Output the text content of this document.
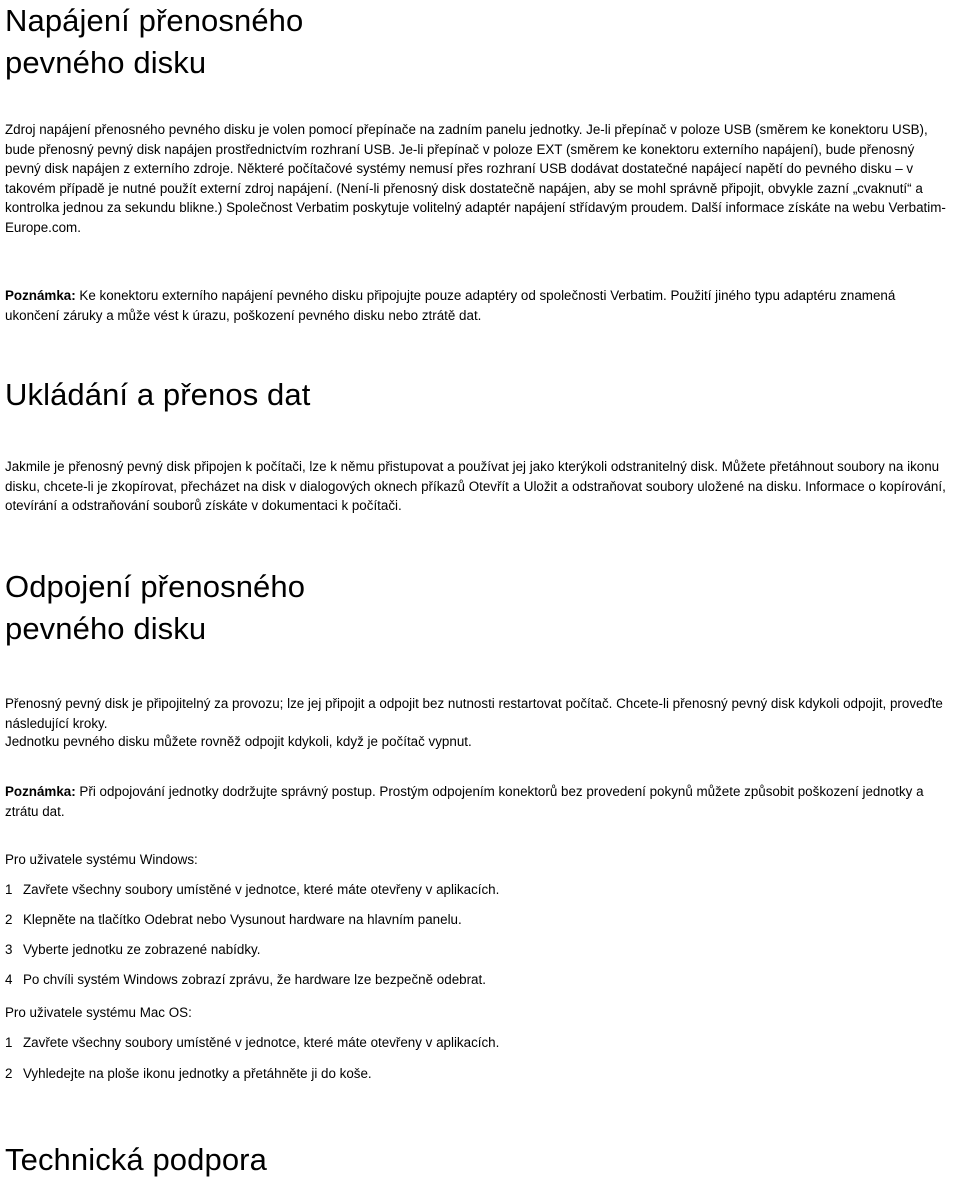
Napájení přenosného
pevného disku

Zdroj napájení přenosného pevného disku je volen pomocí přepínače na zadním panelu jednotky. Je-li přepínač v poloze USB (směrem ke konektoru USB), bude přenosný pevný disk napájen prostřednictvím rozhraní USB. Je-li přepínač v poloze EXT (směrem ke konektoru externího napájení), bude přenosný pevný disk napájen z externího zdroje. Některé počítačové systémy nemusí přes rozhraní USB dodávat dostatečné napájecí napětí do pevného disku – v takovém případě je nutné použít externí zdroj napájení. (Není-li přenosný disk dostatečně napájen, aby se mohl správně připojit, obvykle zazní „cvaknutí“ a kontrolka jednou za sekundu blikne.) Společnost Verbatim poskytuje volitelný adaptér napájení střídavým proudem. Další informace získáte na webu Verbatim-Europe.com.

Poznámka: Ke konektoru externího napájení pevného disku připojujte pouze adaptéry od společnosti Verbatim. Použití jiného typu adaptéru znamená ukončení záruky a může vést k úrazu, poškození pevného disku nebo ztrátě dat.

Ukládání a přenos dat

Jakmile je přenosný pevný disk připojen k počítači, lze k němu přistupovat a používat jej jako kterýkoli odstranitelný disk. Můžete přetáhnout soubory na ikonu disku, chcete-li je zkopírovat, přecházet na disk v dialogových oknech příkazů Otevřít a Uložit a odstraňovat soubory uložené na disku. Informace o kopírování, otevírání a odstraňování souborů získáte v dokumentaci k počítači.

Odpojení přenosného
pevného disku

Přenosný pevný disk je připojitelný za provozu; lze jej připojit a odpojit bez nutnosti restartovat počítač. Chcete-li přenosný pevný disk kdykoli odpojit, proveďte následující kroky.

Jednotku pevného disku můžete rovněž odpojit kdykoli, když je počítač vypnut.

Poznámka: Při odpojování jednotky dodržujte správný postup. Prostým odpojením konektorů bez provedení pokynů můžete způsobit poškození jednotky a ztrátu dat.

Pro uživatele systému Windows:

1 Zavřete všechny soubory umístěné v jednotce, které máte otevřeny v aplikacích.
2 Klepněte na tlačítko Odebrat nebo Vysunout hardware na hlavním panelu.
3 Vyberte jednotku ze zobrazené nabídky.
4 Po chvíli systém Windows zobrazí zprávu, že hardware lze bezpečně odebrat.

Pro uživatele systému Mac OS:

1 Zavřete všechny soubory umístěné v jednotce, které máte otevřeny v aplikacích.
2 Vyhledejte na ploše ikonu jednotky a přetáhněte ji do koše.
Technická podpora
